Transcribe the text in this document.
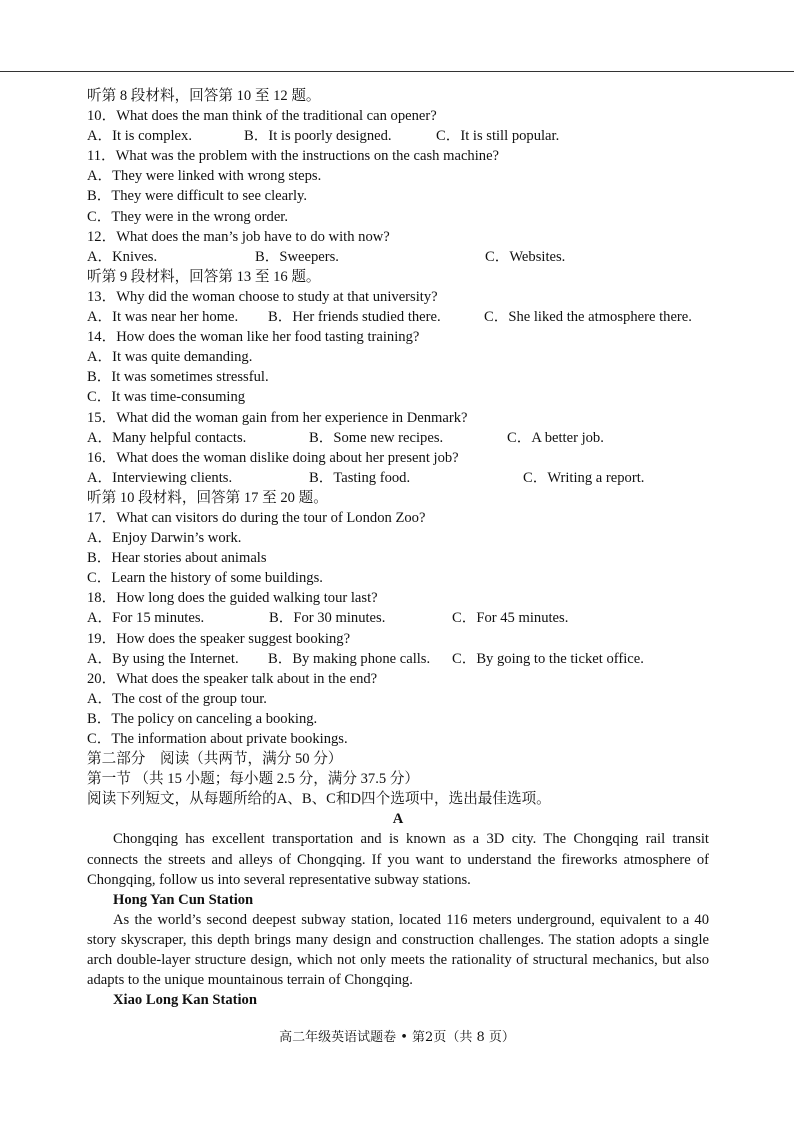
听第 8 段材料，回答第 10 至 12 题。
10．What does the man think of the traditional can opener?
A．It is complex.	B．It is poorly designed.	C．It is still popular.
11．What was the problem with the instructions on the cash machine?
A．They were linked with wrong steps.
B．They were difficult to see clearly.
C．They were in the wrong order.
12．What does the man’s job have to do with now?
A．Knives.	B．Sweepers.	C．Websites.
听第 9 段材料，回答第 13 至 16 题。
13．Why did the woman choose to study at that university?
A．It was near her home. B．Her friends studied there.	C．She liked the atmosphere there.
14．How does the woman like her food tasting training?
A．It was quite demanding.
B．It was sometimes stressful.
C．It was time-consuming
15．What did the woman gain from her experience in Denmark?
A．Many helpful contacts.	B．Some new recipes.	C．A better job.
16．What does the woman dislike doing about her present job?
A．Interviewing clients.	B．Tasting food.	C．Writing a report.
听第 10 段材料，回答第 17 至 20 题。
17．What can visitors do during the tour of London Zoo?
A．Enjoy Darwin’s work.
B．Hear stories about animals
C．Learn the history of some buildings.
18．How long does the guided walking tour last?
A．For 15 minutes.	B．For 30 minutes.	C．For 45 minutes.
19．How does the speaker suggest booking?
A．By using the Internet. B．By making phone calls. C．By going to the ticket office.
20．What does the speaker talk about in the end?
A．The cost of the group tour.
B．The policy on canceling a booking.
C．The information about private bookings.
第二部分　阅读（共两节，满分 50 分）
第一节 （共 15 小题；每小题 2.5 分，满分 37.5 分）
阅读下列短文，从每题所给的A、B、C和D四个选项中，选出最佳选项。
A
Chongqing has excellent transportation and is known as a 3D city. The Chongqing rail transit connects the streets and alleys of Chongqing. If you want to understand the fireworks atmosphere of Chongqing, follow us into several representative subway stations.
Hong Yan Cun Station
As the world’s second deepest subway station, located 116 meters underground, equivalent to a 40 story skyscraper, this depth brings many design and construction challenges. The station adopts a single arch double-layer structure design, which not only meets the rationality of structural mechanics, but also adapts to the unique mountainous terrain of Chongqing.
Xiao Long Kan Station
高二年级英语试题卷 • 第2页（共 8 页）
